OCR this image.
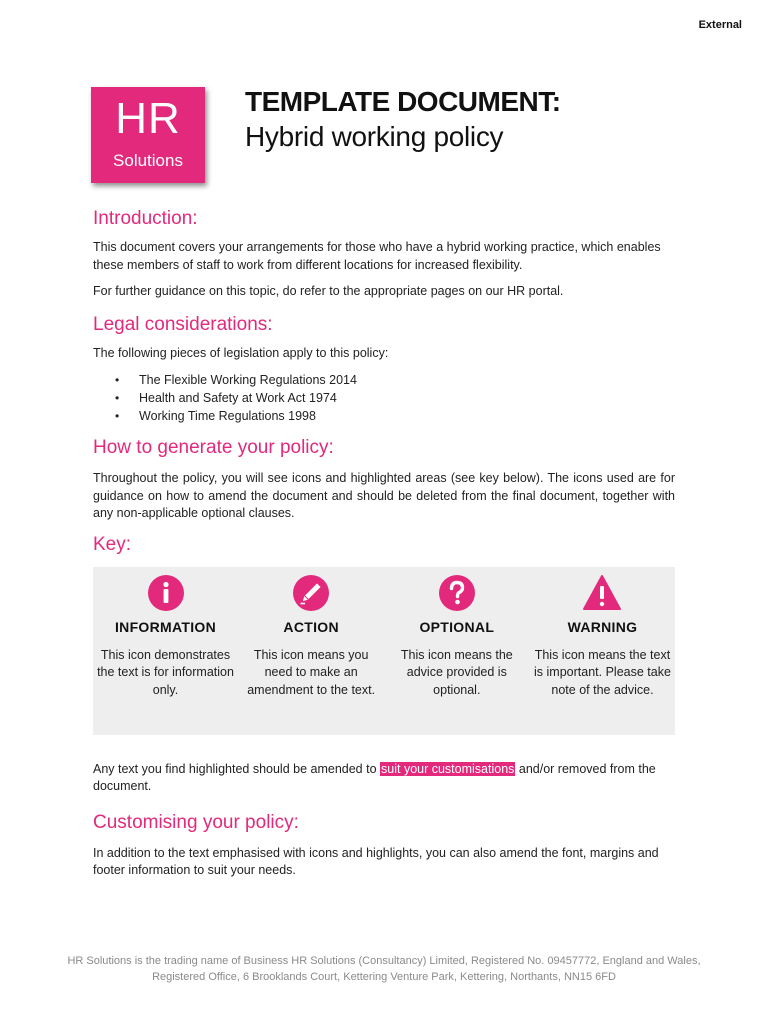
External
HR
Solutions
TEMPLATE DOCUMENT:
Hybrid working policy
Introduction:

This document covers your arrangements for those who have a hybrid working practice, which enables these members of staff to work from different locations for increased flexibility.

For further guidance on this topic, do refer to the appropriate pages on our HR portal.

Legal considerations:

The following pieces of legislation apply to this policy:

• The Flexible Working Regulations 2014
• Health and Safety at Work Act 1974
• Working Time Regulations 1998
How to generate your policy:

Throughout the policy, you will see icons and highlighted areas (see key below). The icons used are for guidance on how to amend the document and should be deleted from the final document, together with any non-applicable optional clauses.

Key:
INFORMATION
This icon demonstrates the text is for information only.
ACTION
This icon means you need to make an amendment to the text.
OPTIONAL
This icon means the advice provided is optional.
WARNING
This icon means the text is important. Please take note of the advice.

Any text you find highlighted should be amended to suit your customisations and/or removed from the document.

Customising your policy:

In addition to the text emphasised with icons and highlights, you can also amend the font, margins and footer information to suit your needs.

HR Solutions is the trading name of Business HR Solutions (Consultancy) Limited, Registered No. 09457772, England and Wales,
Registered Office, 6 Brooklands Court, Kettering Venture Park, Kettering, Northants, NN15 6FD
